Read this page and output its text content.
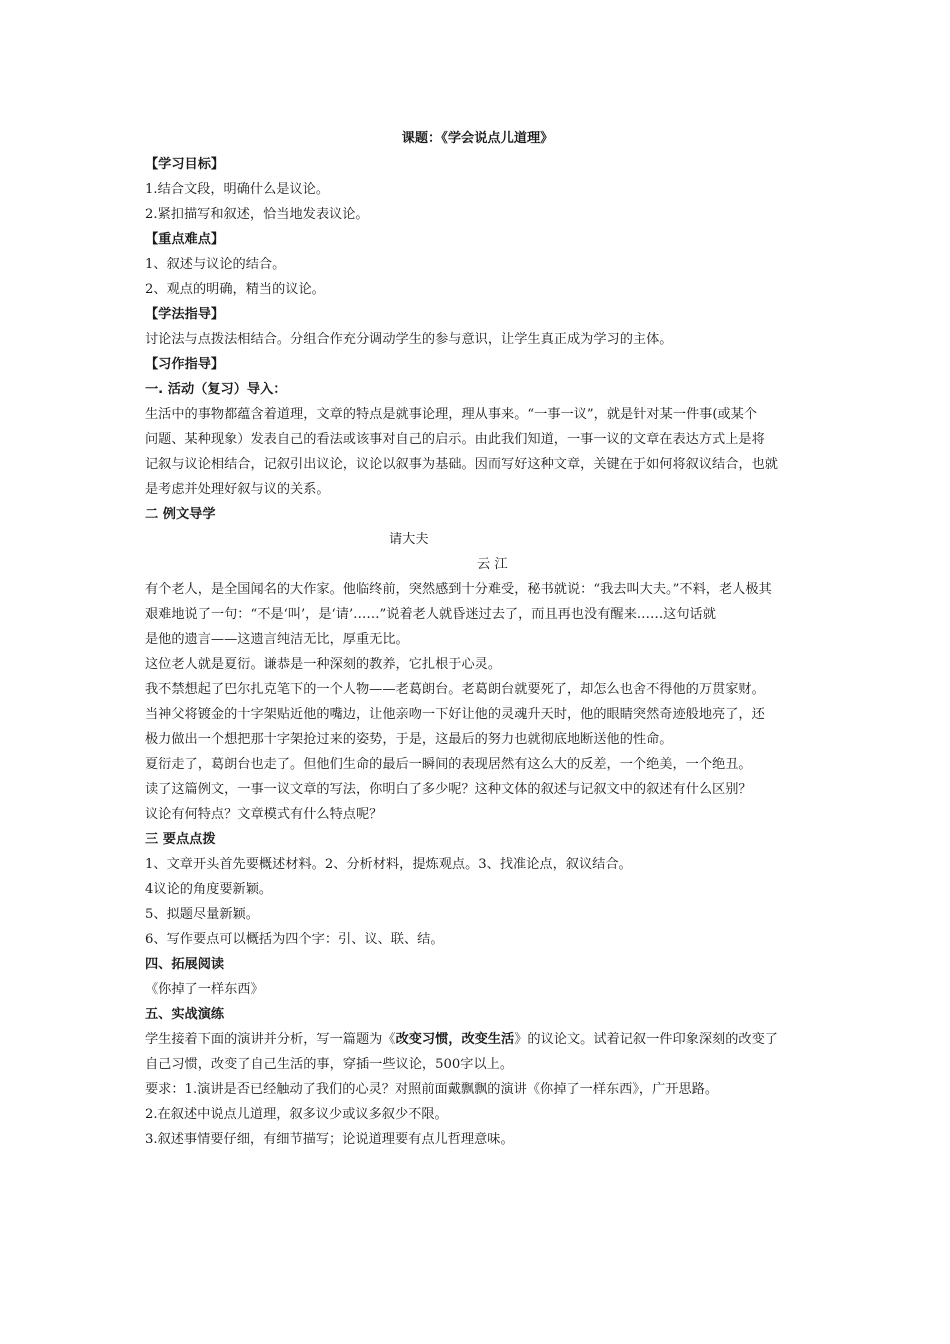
课题：《学会说点儿道理》
【学习目标】
1.结合文段，明确什么是议论。
2.紧扣描写和叙述，恰当地发表议论。
【重点难点】
1、叙述与议论的结合。
2、观点的明确，精当的议论。
【学法指导】
讨论法与点拨法相结合。分组合作充分调动学生的参与意识，让学生真正成为学习的主体。
【习作指导】
一. 活动（复习）导入：
生活中的事物都蕴含着道理，文章的特点是就事论理，理从事来。“一事一议”，就是针对某一件事(或某个
问题、某种现象）发表自己的看法或该事对自己的启示。由此我们知道，一事一议的文章在表达方式上是将
记叙与议论相结合，记叙引出议论，议论以叙事为基础。因而写好这种文章，关键在于如何将叙议结合，也就
是考虑并处理好叙与议的关系。
二 例文导学
请大夫
云 江
有个老人，是全国闻名的大作家。他临终前，突然感到十分难受，秘书就说：“我去叫大夫。”不料，老人极其
艰难地说了一句：“不是‘叫’，是‘请’……”说着老人就昏迷过去了，而且再也没有醒来……这句话就
是他的遗言——这遗言纯洁无比，厚重无比。
这位老人就是夏衍。谦恭是一种深刻的教养，它扎根于心灵。
我不禁想起了巴尔扎克笔下的一个人物——老葛朗台。老葛朗台就要死了，却怎么也舍不得他的万贯家财。
当神父将镀金的十字架贴近他的嘴边，让他亲吻一下好让他的灵魂升天时，他的眼睛突然奇迹般地亮了，还
极力做出一个想把那十字架抢过来的姿势，于是，这最后的努力也就彻底地断送他的性命。
夏衍走了，葛朗台也走了。但他们生命的最后一瞬间的表现居然有这么大的反差，一个绝美，一个绝丑。
读了这篇例文，一事一议文章的写法，你明白了多少呢？这种文体的叙述与记叙文中的叙述有什么区别？
议论有何特点？文章模式有什么特点呢？
三 要点点拨
1、文章开头首先要概述材料。2、分析材料，提炼观点。3、找准论点，叙议结合。
4议论的角度要新颖。
5、拟题尽量新颖。
6、写作要点可以概括为四个字：引、议、联、结。
四、拓展阅读
《你掉了一样东西》
五、实战演练
学生接着下面的演讲并分析，写一篇题为《改变习惯，改变生活》的议论文。试着记叙一件印象深刻的改变了
自己习惯，改变了自己生活的事，穿插一些议论，500字以上。
要求：1.演讲是否已经触动了我们的心灵？对照前面戴飘飘的演讲《你掉了一样东西》，广开思路。
2.在叙述中说点儿道理，叙多议少或议多叙少不限。
3.叙述事情要仔细，有细节描写；论说道理要有点儿哲理意味。
